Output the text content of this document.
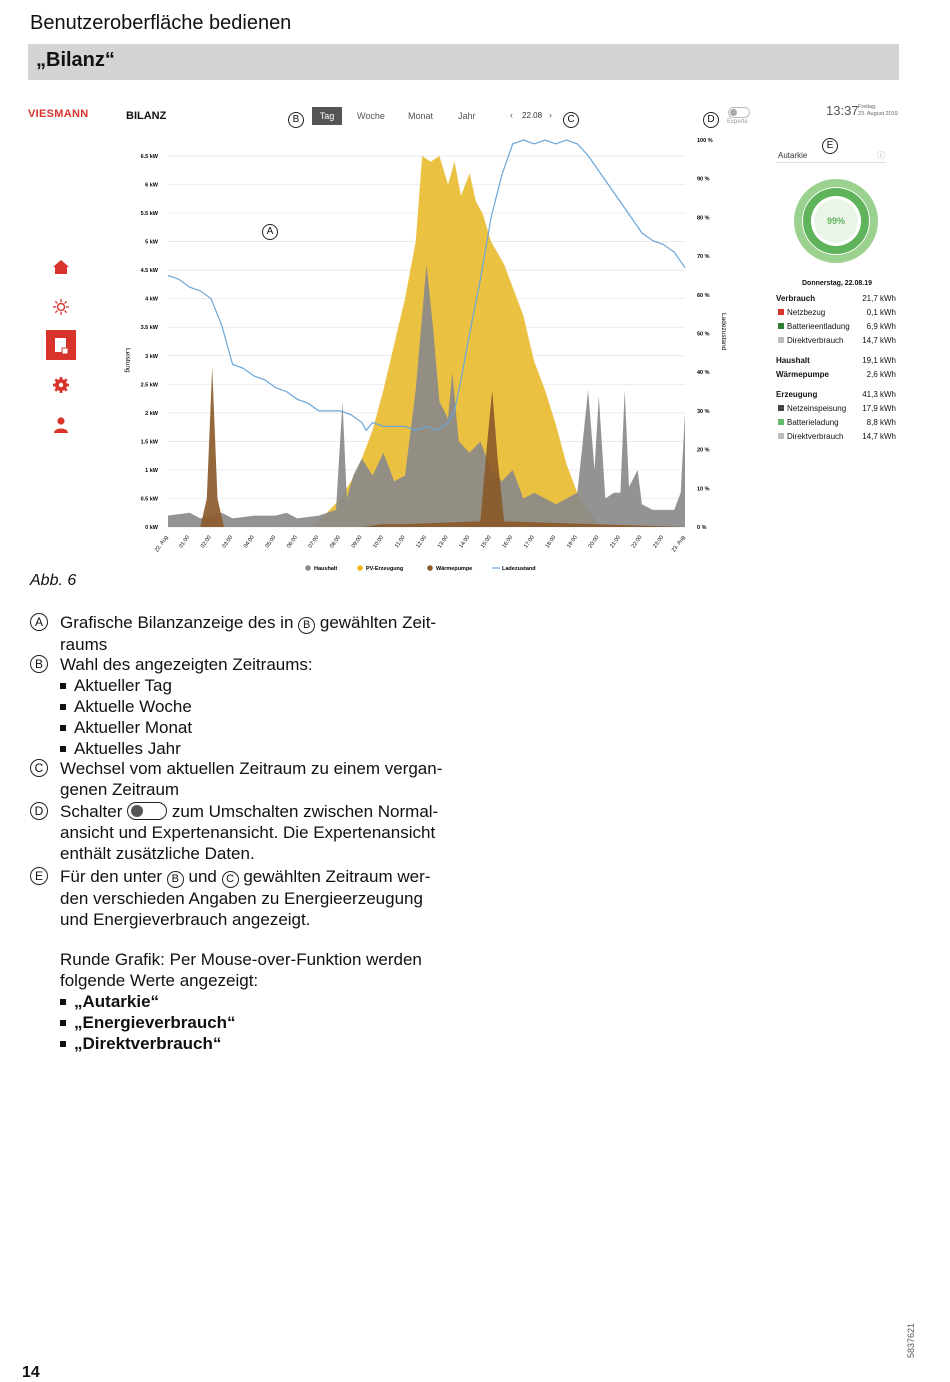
Benutzeroberfläche bedienen
„Bilanz“
VIESMANN	BILANZ	B	Tag	Woche	Monat	Jahr	‹ 22.08 ›	C	D	Experte
13:37 Freitag,
23. August 2019
0 kW
0.5 kW
1 kW
1.5 kW
2 kW
2.5 kW
3 kW
3.5 kW
4 kW
4.5 kW
5 kW
5.5 kW
6 kW
6.5 kW
0 %
10 %
20 %
30 %
40 %
50 %
60 %
70 %
80 %
90 %
100 %
22. Aug 01:00 02:00 03:00 04:00 05:00 06:00 07:00 08:00 09:00 10:00 11:00 12:00 13:00 14:00 15:00 16:00 17:00 18:00 19:00 20:00 21:00 22:00 23:00 23. Aug
Leistung
Ladezustand
Haushalt	PV-Erzeugung	Wärmepumpe	Ladezustand
A
E
Autarkie	ⓘ
99%
Donnerstag, 22.08.19
Verbrauch	21,7 kWh
Netzbezug	0,1 kWh
Batterieentladung	6,9 kWh
Direktverbrauch	14,7 kWh
Haushalt	19,1 kWh
Wärmepumpe	2,6 kWh
Erzeugung	41,3 kWh
Netzeinspeisung	17,9 kWh
Batterieladung	8,8 kWh
Direktverbrauch	14,7 kWh
Abb. 6
A Grafische Bilanzanzeige des in B gewählten Zeit-
raums
B Wahl des angezeigten Zeitraums:
Aktueller Tag
Aktuelle Woche
Aktueller Monat
Aktuelles Jahr
C Wechsel vom aktuellen Zeitraum zu einem vergan-
genen Zeitraum
D Schalter
zum Umschalten zwischen Normal-
ansicht und Expertenansicht. Die Expertenansicht
enthält zusätzliche Daten.
E Für den unter B und C gewählten Zeitraum wer-
den verschieden Angaben zu Energieerzeugung
und Energieverbrauch angezeigt.
Runde Grafik: Per Mouse-over-Funktion werden
folgende Werte angezeigt:
„Autarkie“
„Energieverbrauch“
„Direktverbrauch“
14
5837621
